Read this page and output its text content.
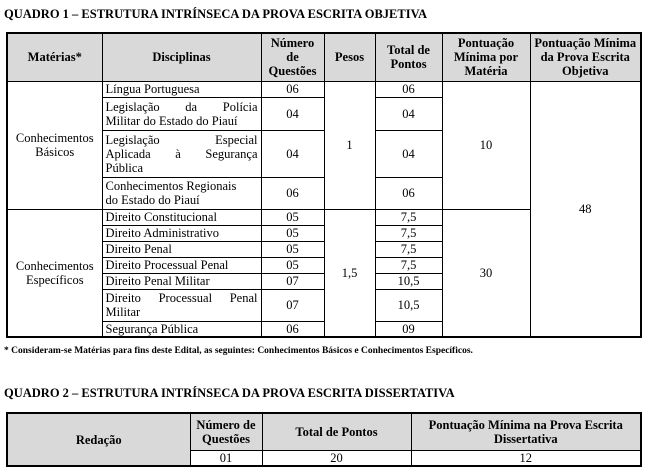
QUADRO 1 – ESTRUTURA INTRÍNSECA DA PROVA ESCRITA OBJETIVA
Matérias*	Disciplinas	Número de Questões	Pesos	Total de Pontos	Pontuação Mínima por Matéria	Pontuação Mínima da Prova Escrita Objetiva
Conhecimentos Básicos	Língua Portuguesa	06	1	06	10	48

	Legislação da Polícia
Militar do Estado do Piauí	04		04		

	Legislação Especial
Aplicada à Segurança
Pública	04		04		

	Conhecimentos Regionais
do Estado do Piauí	06		06		
Conhecimentos Específicos	Direito Constitucional	05	1,5	7,5	30	
	Direito Administrativo	05		7,5		
	Direito Penal	05		7,5		
	Direito Processual Penal	05		7,5		
	Direito Penal Militar	07		10,5		

	Direito Processual Penal
Militar	07		10,5		
	Segurança Pública	06		09		
* Consideram-se Matérias para fins deste Edital, as seguintes: Conhecimentos Básicos e Conhecimentos Específicos.
QUADRO 2 – ESTRUTURA INTRÍNSECA DA PROVA ESCRITA DISSERTATIVA
Redação	Número de Questões	Total de Pontos	Pontuação Mínima na Prova Escrita Dissertativa
	01	20	12
